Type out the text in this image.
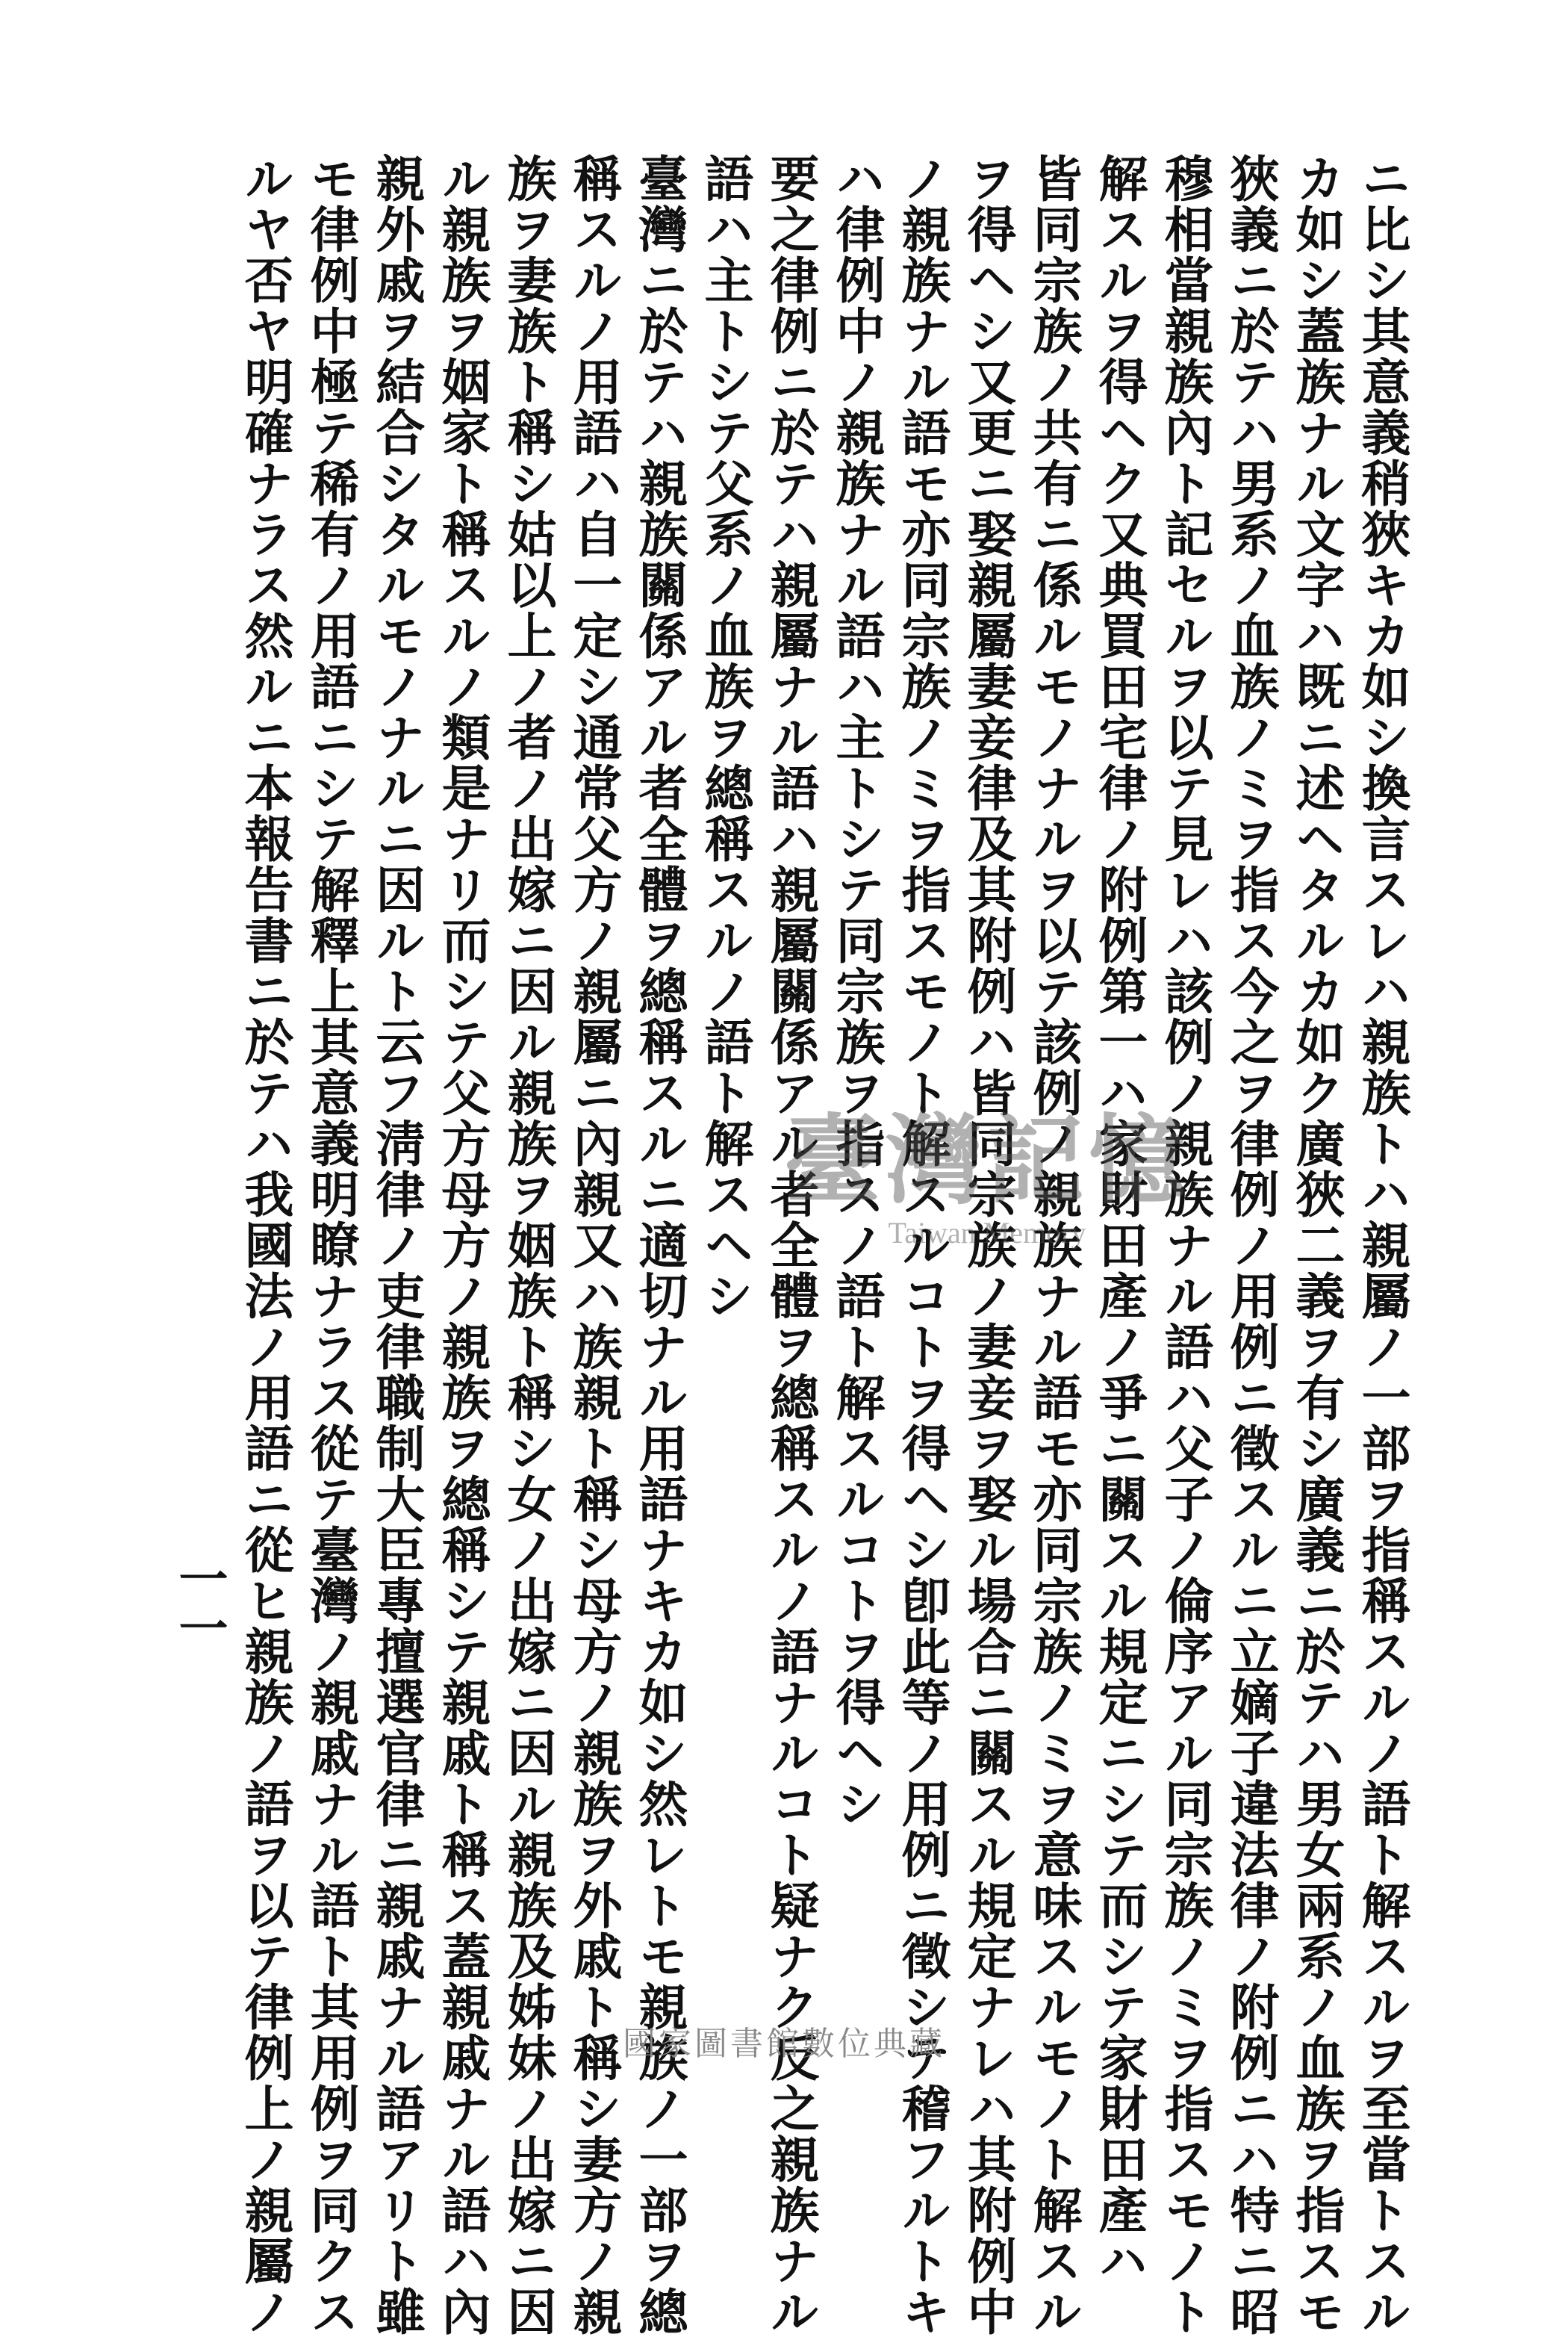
ニ比シ其意義稍狹キカ如シ換言スレハ親族トハ親屬ノ一部ヲ指稱スルノ語ト解スルヲ至當トスル
カ如シ蓋族ナル文字ハ既ニ述ヘタルカ如ク廣狹二義ヲ有シ廣義ニ於テハ男女兩系ノ血族ヲ指スモ
狹義ニ於テハ男系ノ血族ノミヲ指ス今之ヲ律例ノ用例ニ徵スルニ立嫡子違法律ノ附例ニハ特ニ昭
穆相當親族內ト記セルヲ以テ見レハ該例ノ親族ナル語ハ父子ノ倫序アル同宗族ノミヲ指スモノト
解スルヲ得ヘク又典買田宅律ノ附例第一ハ家財田產ノ爭ニ關スル規定ニシテ而シテ家財田產ハ
皆同宗族ノ共有ニ係ルモノナルヲ以テ該例ノ親族ナル語モ亦同宗族ノミヲ意味スルモノト解スル
ヲ得ヘシ又更ニ娶親屬妻妾律及其附例ハ皆同宗族ノ妻妾ヲ娶ル場合ニ關スル規定ナレハ其附例中
ノ親族ナル語モ亦同宗族ノミヲ指スモノト解スルコトヲ得ヘシ卽此等ノ用例ニ徵シテ稽フルトキ
ハ律例中ノ親族ナル語ハ主トシテ同宗族ヲ指スノ語ト解スルコトヲ得ヘシ
要之律例ニ於テハ親屬ナル語ハ親屬關係アル者全體ヲ總稱スルノ語ナルコト疑ナク反之親族ナル
語ハ主トシテ父系ノ血族ヲ總稱スルノ語ト解スヘシ
臺灣ニ於テハ親族關係アル者全體ヲ總稱スルニ適切ナル用語ナキカ如シ然レトモ親族ノ一部ヲ總
稱スルノ用語ハ自一定シ通常父方ノ親屬ニ內親又ハ族親ト稱シ母方ノ親族ヲ外戚ト稱シ妻方ノ親
族ヲ妻族ト稱シ姑以上ノ者ノ出嫁ニ因ル親族ヲ姻族ト稱シ女ノ出嫁ニ因ル親族及姊妹ノ出嫁ニ因
ル親族ヲ姻家ト稱スルノ類是ナリ而シテ父方母方ノ親族ヲ總稱シテ親戚ト稱ス蓋親戚ナル語ハ內
親外戚ヲ結合シタルモノナルニ因ルト云フ淸律ノ吏律職制大臣專擅選官律ニ親戚ナル語アリト雖
モ律例中極テ稀有ノ用語ニシテ解釋上其意義明瞭ナラス從テ臺灣ノ親戚ナル語ト其用例ヲ同クス
ルヤ否ヤ明確ナラス然ルニ本報告書ニ於テハ我國法ノ用語ニ從ヒ親族ノ語ヲ以テ律例上ノ親屬ノ
一一
臺灣記憶
Taiwan Memory
國家圖書館數位典藏
